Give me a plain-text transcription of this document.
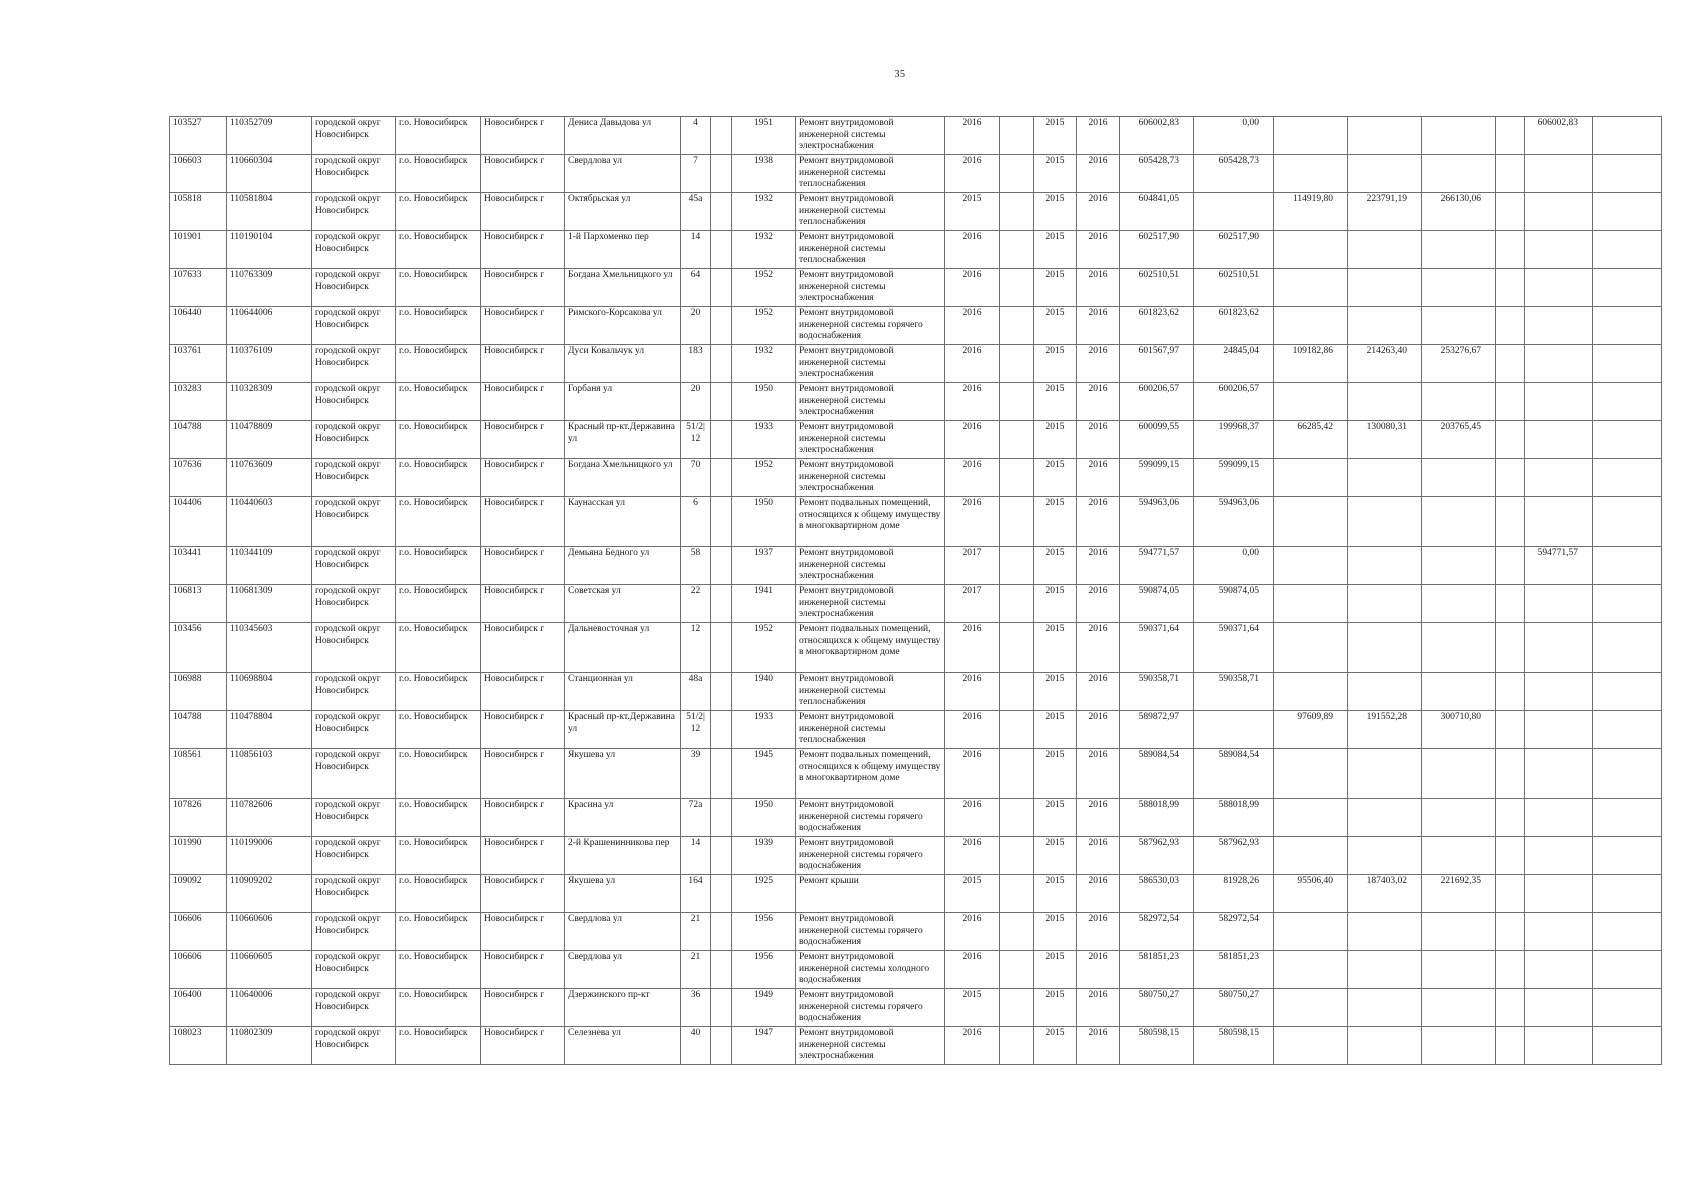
35
103527	110352709	городской округ Новосибирск	г.о. Новосибирск	Новосибирск г	Дениса Давыдова ул	4		1951	Ремонт внутридомовой инженерной системы электроснабжения	2016		2015	2016	606002,83	0,00					606002,83	
106603	110660304	городской округ Новосибирск	г.о. Новосибирск	Новосибирск г	Свердлова ул	7		1938	Ремонт внутридомовой инженерной системы теплоснабжения	2016		2015	2016	605428,73	605428,73						
105818	110581804	городской округ Новосибирск	г.о. Новосибирск	Новосибирск г	Октябрьская ул	45а		1932	Ремонт внутридомовой инженерной системы теплоснабжения	2015		2015	2016	604841,05		114919,80	223791,19	266130,06			
101901	110190104	городской округ Новосибирск	г.о. Новосибирск	Новосибирск г	1-й Пархоменко пер	14		1932	Ремонт внутридомовой инженерной системы теплоснабжения	2016		2015	2016	602517,90	602517,90						
107633	110763309	городской округ Новосибирск	г.о. Новосибирск	Новосибирск г	Богдана Хмельницкого ул	64		1952	Ремонт внутридомовой инженерной системы электроснабжения	2016		2015	2016	602510,51	602510,51						
106440	110644006	городской округ Новосибирск	г.о. Новосибирск	Новосибирск г	Римского-Корсакова ул	20		1952	Ремонт внутридомовой инженерной системы горячего водоснабжения	2016		2015	2016	601823,62	601823,62						
103761	110376109	городской округ Новосибирск	г.о. Новосибирск	Новосибирск г	Дуси Ковальчук ул	183		1932	Ремонт внутридомовой инженерной системы электроснабжения	2016		2015	2016	601567,97	24845,04	109182,86	214263,40	253276,67			
103283	110328309	городской округ Новосибирск	г.о. Новосибирск	Новосибирск г	Горбаня ул	20		1950	Ремонт внутридомовой инженерной системы электроснабжения	2016		2015	2016	600206,57	600206,57						
104788	110478809	городской округ Новосибирск	г.о. Новосибирск	Новосибирск г	Красный пр-кт.Державина ул	51/2|12		1933	Ремонт внутридомовой инженерной системы электроснабжения	2016		2015	2016	600099,55	199968,37	66285,42	130080,31	203765,45			
107636	110763609	городской округ Новосибирск	г.о. Новосибирск	Новосибирск г	Богдана Хмельницкого ул	70		1952	Ремонт внутридомовой инженерной системы электроснабжения	2016		2015	2016	599099,15	599099,15						
104406	110440603	городской округ Новосибирск	г.о. Новосибирск	Новосибирск г	Каунасская ул	6		1950	Ремонт подвальных помещений, относящихся к общему имуществу в многоквартирном доме	2016		2015	2016	594963,06	594963,06						
103441	110344109	городской округ Новосибирск	г.о. Новосибирск	Новосибирск г	Демьяна Бедного ул	58		1937	Ремонт внутридомовой инженерной системы электроснабжения	2017		2015	2016	594771,57	0,00					594771,57	
106813	110681309	городской округ Новосибирск	г.о. Новосибирск	Новосибирск г	Советская ул	22		1941	Ремонт внутридомовой инженерной системы электроснабжения	2017		2015	2016	590874,05	590874,05						
103456	110345603	городской округ Новосибирск	г.о. Новосибирск	Новосибирск г	Дальневосточная ул	12		1952	Ремонт подвальных помещений, относящихся к общему имуществу в многоквартирном доме	2016		2015	2016	590371,64	590371,64						
106988	110698804	городской округ Новосибирск	г.о. Новосибирск	Новосибирск г	Станционная ул	48а		1940	Ремонт внутридомовой инженерной системы теплоснабжения	2016		2015	2016	590358,71	590358,71						
104788	110478804	городской округ Новосибирск	г.о. Новосибирск	Новосибирск г	Красный пр-кт.Державина ул	51/2|12		1933	Ремонт внутридомовой инженерной системы теплоснабжения	2016		2015	2016	589872,97		97609,89	191552,28	300710,80			
108561	110856103	городской округ Новосибирск	г.о. Новосибирск	Новосибирск г	Якушева ул	39		1945	Ремонт подвальных помещений, относящихся к общему имуществу в многоквартирном доме	2016		2015	2016	589084,54	589084,54						
107826	110782606	городской округ Новосибирск	г.о. Новосибирск	Новосибирск г	Красина ул	72а		1950	Ремонт внутридомовой инженерной системы горячего водоснабжения	2016		2015	2016	588018,99	588018,99						
101990	110199006	городской округ Новосибирск	г.о. Новосибирск	Новосибирск г	2-й Крашенинникова пер	14		1939	Ремонт внутридомовой инженерной системы горячего водоснабжения	2016		2015	2016	587962,93	587962,93						
109092	110909202	городской округ Новосибирск	г.о. Новосибирск	Новосибирск г	Якушева ул	164		1925	Ремонт крыши	2015		2015	2016	586530,03	81928,26	95506,40	187403,02	221692,35			
106606	110660606	городской округ Новосибирск	г.о. Новосибирск	Новосибирск г	Свердлова ул	21		1956	Ремонт внутридомовой инженерной системы горячего водоснабжения	2016		2015	2016	582972,54	582972,54						
106606	110660605	городской округ Новосибирск	г.о. Новосибирск	Новосибирск г	Свердлова ул	21		1956	Ремонт внутридомовой инженерной системы холодного водоснабжения	2016		2015	2016	581851,23	581851,23						
106400	110640006	городской округ Новосибирск	г.о. Новосибирск	Новосибирск г	Дзержинского пр-кт	36		1949	Ремонт внутридомовой инженерной системы горячего водоснабжения	2015		2015	2016	580750,27	580750,27						
108023	110802309	городской округ Новосибирск	г.о. Новосибирск	Новосибирск г	Селезнева ул	40		1947	Ремонт внутридомовой инженерной системы электроснабжения	2016		2015	2016	580598,15	580598,15						
